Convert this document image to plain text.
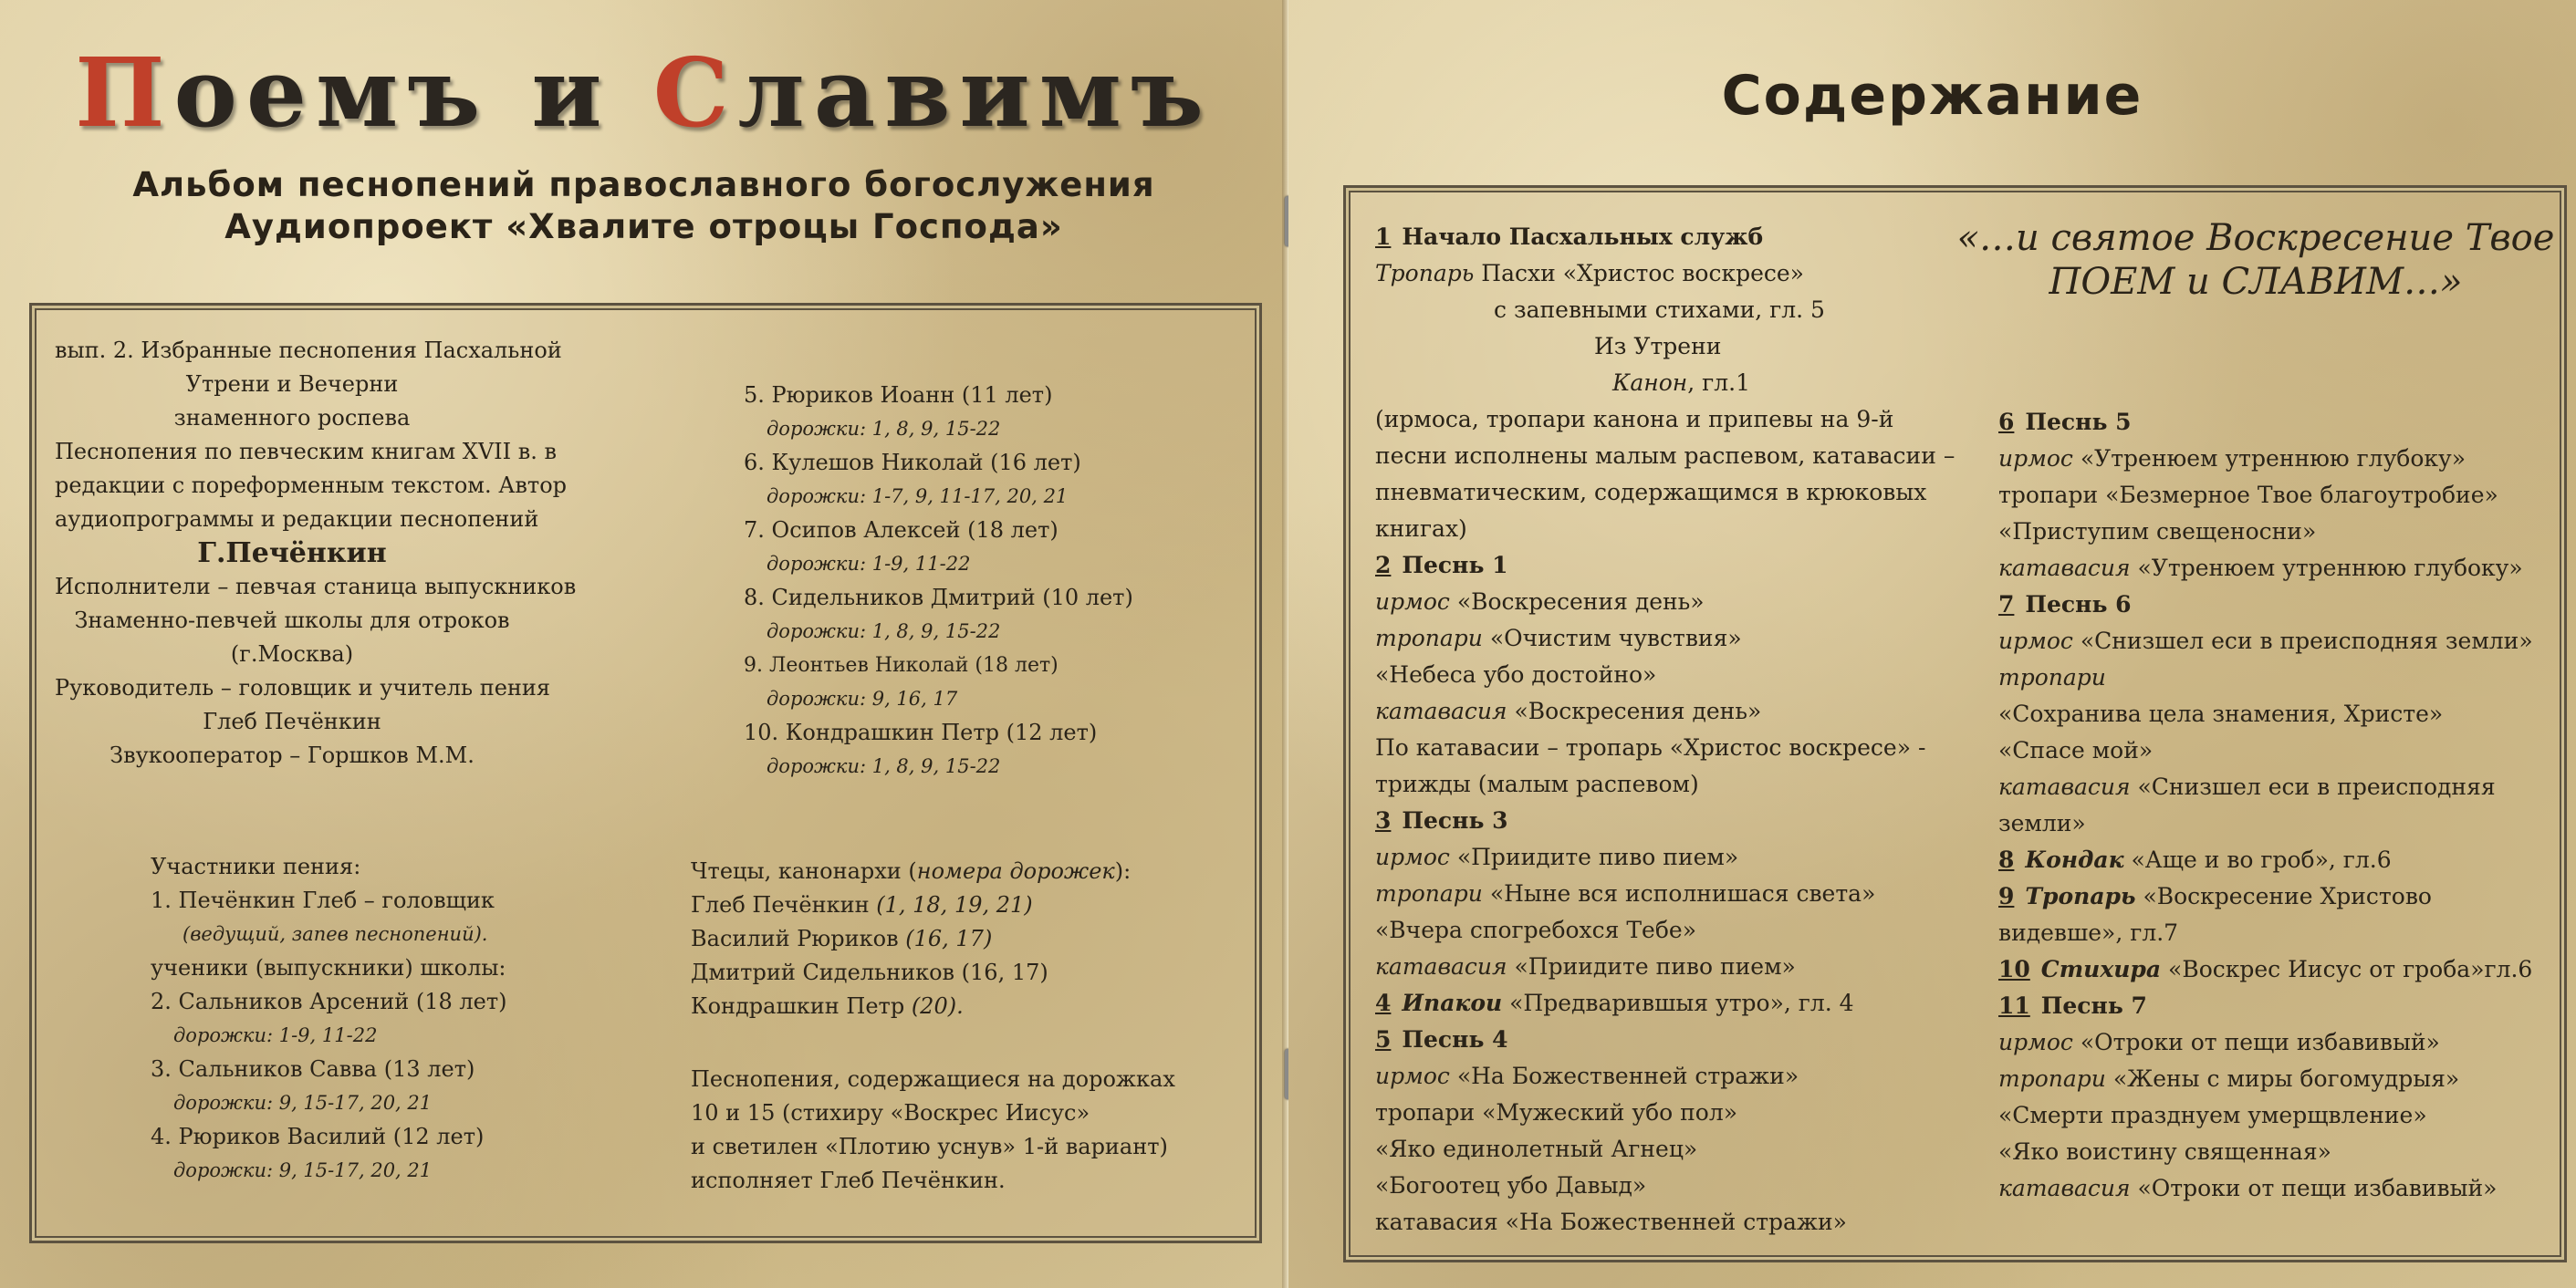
Поемъ и Славимъ
Альбом песнопений православного богослужения
Аудиопроект «Хвалите отроцы Господа»
вып. 2. Избранные песнопения Пасхальной
Утрени и Вечерни
знаменного роспева
Песнопения по певческим книгам XVII в. в
редакции с пореформенным текстом. Автор
аудиопрограммы и редакции песнопений
Г.Печёнкин
Исполнители – певчая станица выпускников
Знаменно-певчей школы для отроков
(г.Москва)
Руководитель – головщик и учитель пения
Глеб Печёнкин
Звукооператор – Горшков М.М.
Участники пения:
1. Печёнкин Глеб – головщик
(ведущий, запев песнопений).
ученики (выпускники) школы:
2. Сальников Арсений (18 лет)
дорожки: 1-9, 11-22
3. Сальников Савва (13 лет)
дорожки: 9, 15-17, 20, 21
4. Рюриков Василий (12 лет)
дорожки: 9, 15-17, 20, 21
5. Рюриков Иоанн (11 лет)
дорожки: 1, 8, 9, 15-22
6. Кулешов Николай (16 лет)
дорожки: 1-7, 9, 11-17, 20, 21
7. Осипов Алексей (18 лет)
дорожки: 1-9, 11-22
8. Сидельников Дмитрий (10 лет)
дорожки: 1, 8, 9, 15-22
9. Леонтьев Николай (18 лет)
дорожки: 9, 16, 17
10. Кондрашкин Петр (12 лет)
дорожки: 1, 8, 9, 15-22
Чтецы, канонархи (номера дорожек):
Глеб Печёнкин (1, 18, 19, 21)
Василий Рюриков (16, 17)
Дмитрий Сидельников (16, 17)
Кондрашкин Петр (20).
Песнопения, содержащиеся на дорожках
10 и 15 (стихиру «Воскрес Иисус»
и светилен «Плотию уснув» 1-й вариант)
исполняет Глеб Печёнкин.
Содержание
«…и святое Воскресение Твое
ПОЕМ и СЛАВИМ…»
1 Начало Пасхальных служб
Тропарь Пасхи «Христос воскресе»
с запевными стихами, гл. 5
Из Утрени
Канон, гл.1
(ирмоса, тропари канона и припевы на 9-й
песни исполнены малым распевом, катавасии –
пневматическим, содержащимся в крюковых
книгах)
2 Песнь 1
ирмос «Воскресения день»
тропари «Очистим чувствия»
«Небеса убо достойно»
катавасия «Воскресения день»
По катавасии – тропарь «Христос воскресе» -
трижды (малым распевом)
3 Песнь 3
ирмос «Приидите пиво пием»
тропари «Ныне вся исполнишася света»
«Вчера спогребохся Тебе»
катавасия «Приидите пиво пием»
4 Ипакои «Предварившыя утро», гл. 4
5 Песнь 4
ирмос «На Божественней стражи»
тропари «Мужеский убо пол»
«Яко единолетный Агнец»
«Богоотец убо Давыд»
катавасия «На Божественней стражи»
6 Песнь 5
ирмос «Утренюем утреннюю глубоку»
тропари «Безмерное Твое благоутробие»
«Приступим свещеносни»
катавасия «Утренюем утреннюю глубоку»
7 Песнь 6
ирмос «Снизшел еси в преисподняя земли»
тропари
«Сохранива цела знамения, Христе»
«Спасе мой»
катавасия «Снизшел еси в преисподняя
земли»
8 Кондак «Аще и во гроб», гл.6
9 Тропарь «Воскресение Христово
видевше», гл.7
10 Стихира «Воскрес Иисус от гроба»гл.6
11 Песнь 7
ирмос «Отроки от пещи избавивый»
тропари «Жены с миры богомудрыя»
«Смерти празднуем умерщвление»
«Яко воистину священная»
катавасия «Отроки от пещи избавивый»
